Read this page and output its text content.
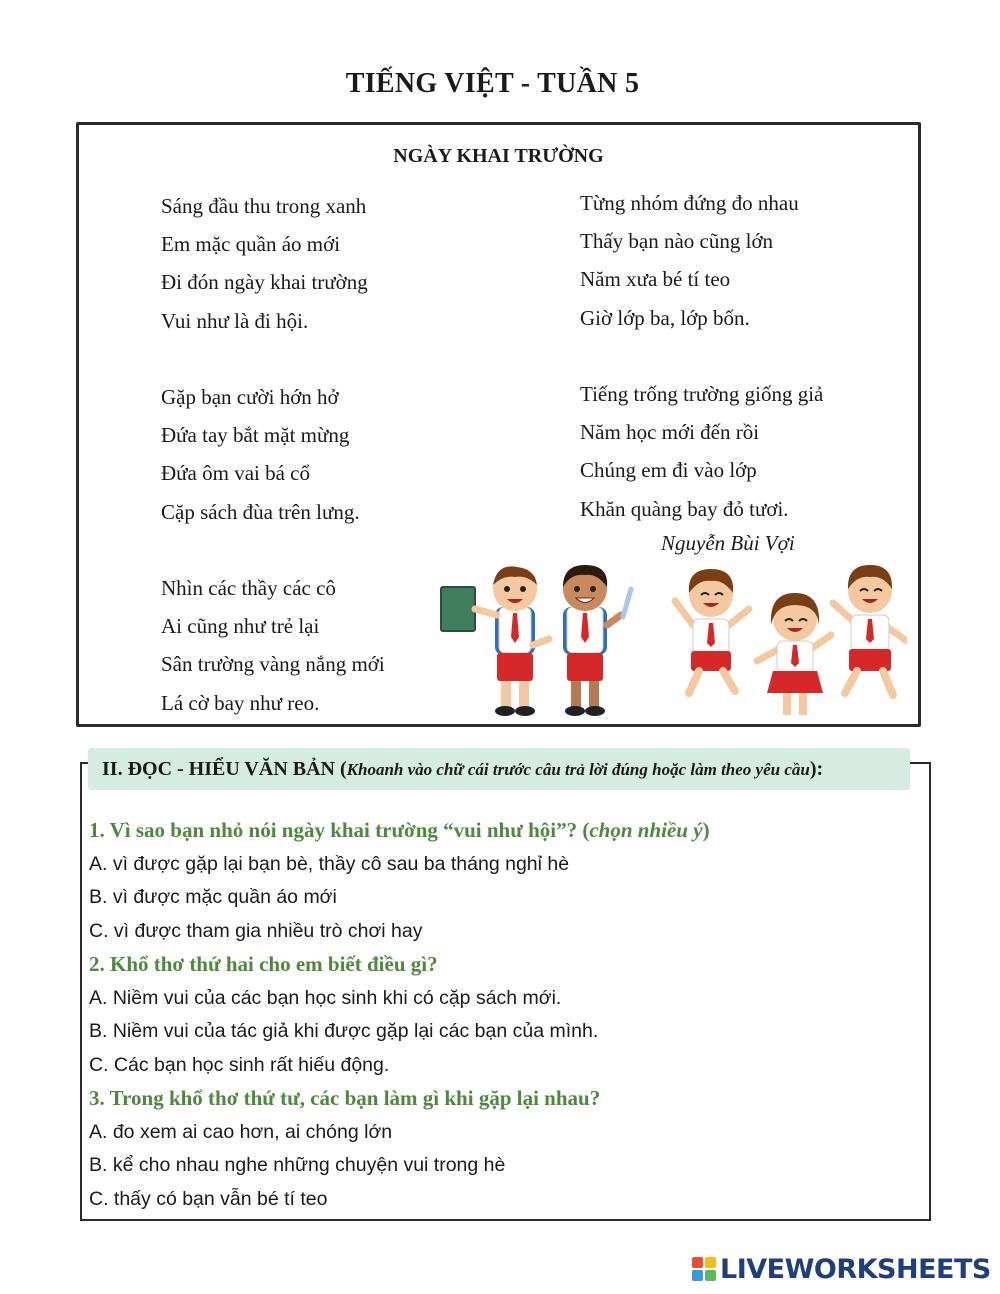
TIẾNG VIỆT - TUẦN 5
NGÀY KHAI TRƯỜNG
Sáng đầu thu trong xanh
Em mặc quần áo mới
Đi đón ngày khai trường
Vui như là đi hội.
Gặp bạn cười hớn hở
Đứa tay bắt mặt mừng
Đứa ôm vai bá cổ
Cặp sách đùa trên lưng.
Nhìn các thầy các cô
Ai cũng như trẻ lại
Sân trường vàng nắng mới
Lá cờ bay như reo.
Từng nhóm đứng đo nhau
Thấy bạn nào cũng lớn
Năm xưa bé tí teo
Giờ lớp ba, lớp bốn.
Tiếng trống trường giống giả
Năm học mới đến rồi
Chúng em đi vào lớp
Khăn quàng bay đỏ tươi.
Nguyễn Bùi Vợi
II. ĐỌC - HIỂU VĂN BẢN (Khoanh vào chữ cái trước câu trả lời đúng hoặc làm theo yêu cầu):
1. Vì sao bạn nhỏ nói ngày khai trường “vui như hội”? (chọn nhiều ý)
A. vì được gặp lại bạn bè, thầy cô sau ba tháng nghỉ hè
B. vì được mặc quần áo mới
C. vì được tham gia nhiều trò chơi hay
2. Khổ thơ thứ hai cho em biết điều gì?
A. Niềm vui của các bạn học sinh khi có cặp sách mới.
B. Niềm vui của tác giả khi được gặp lại các bạn của mình.
C. Các bạn học sinh rất hiếu động.
3. Trong khổ thơ thứ tư, các bạn làm gì khi gặp lại nhau?
A. đo xem ai cao hơn, ai chóng lớn
B. kể cho nhau nghe những chuyện vui trong hè
C. thấy có bạn vẫn bé tí teo
LIVEWORKSHEETS
